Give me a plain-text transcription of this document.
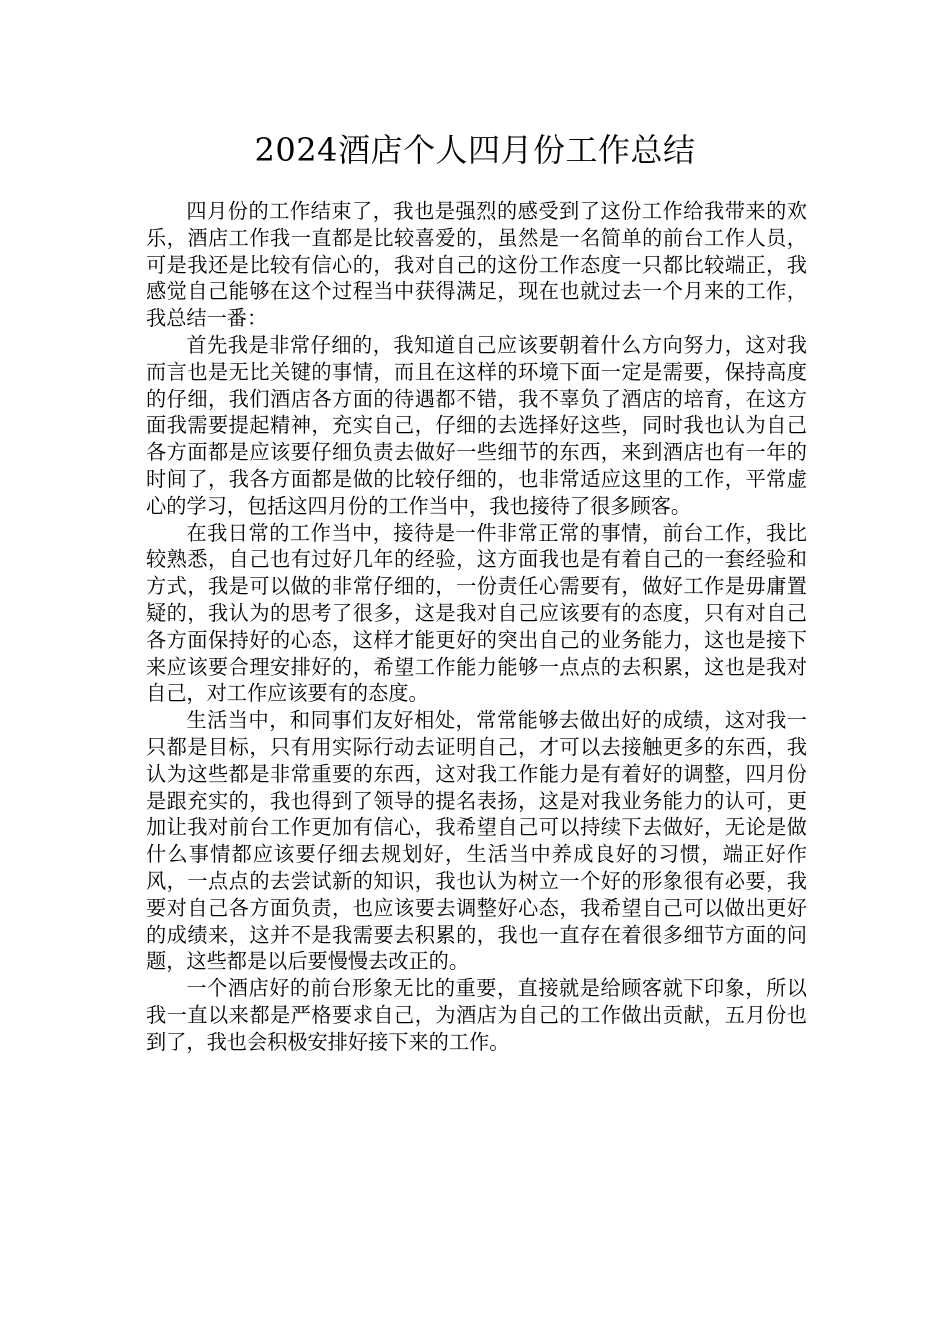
2024酒店个人四月份工作总结

四月份的工作结束了，我也是强烈的感受到了这份工作给我带来的欢乐，酒店工作我一直都是比较喜爱的，虽然是一名简单的前台工作人员，可是我还是比较有信心的，我对自己的这份工作态度一只都比较端正，我感觉自己能够在这个过程当中获得满足，现在也就过去一个月来的工作，我总结一番：

首先我是非常仔细的，我知道自己应该要朝着什么方向努力，这对我而言也是无比关键的事情，而且在这样的环境下面一定是需要，保持高度的仔细，我们酒店各方面的待遇都不错，我不辜负了酒店的培育，在这方面我需要提起精神，充实自己，仔细的去选择好这些，同时我也认为自己各方面都是应该要仔细负责去做好一些细节的东西，来到酒店也有一年的时间了，我各方面都是做的比较仔细的，也非常适应这里的工作，平常虚心的学习，包括这四月份的工作当中，我也接待了很多顾客。

在我日常的工作当中，接待是一件非常正常的事情，前台工作，我比较熟悉，自己也有过好几年的经验，这方面我也是有着自己的一套经验和方式，我是可以做的非常仔细的，一份责任心需要有，做好工作是毋庸置疑的，我认为的思考了很多，这是我对自己应该要有的态度，只有对自己各方面保持好的心态，这样才能更好的突出自己的业务能力，这也是接下来应该要合理安排好的，希望工作能力能够一点点的去积累，这也是我对自己，对工作应该要有的态度。

生活当中，和同事们友好相处，常常能够去做出好的成绩，这对我一只都是目标，只有用实际行动去证明自己，才可以去接触更多的东西，我认为这些都是非常重要的东西，这对我工作能力是有着好的调整，四月份是跟充实的，我也得到了领导的提名表扬，这是对我业务能力的认可，更加让我对前台工作更加有信心，我希望自己可以持续下去做好，无论是做什么事情都应该要仔细去规划好，生活当中养成良好的习惯，端正好作风，一点点的去尝试新的知识，我也认为树立一个好的形象很有必要，我要对自己各方面负责，也应该要去调整好心态，我希望自己可以做出更好的成绩来，这并不是我需要去积累的，我也一直存在着很多细节方面的问题，这些都是以后要慢慢去改正的。

一个酒店好的前台形象无比的重要，直接就是给顾客就下印象，所以我一直以来都是严格要求自己，为酒店为自己的工作做出贡献，五月份也到了，我也会积极安排好接下来的工作。
